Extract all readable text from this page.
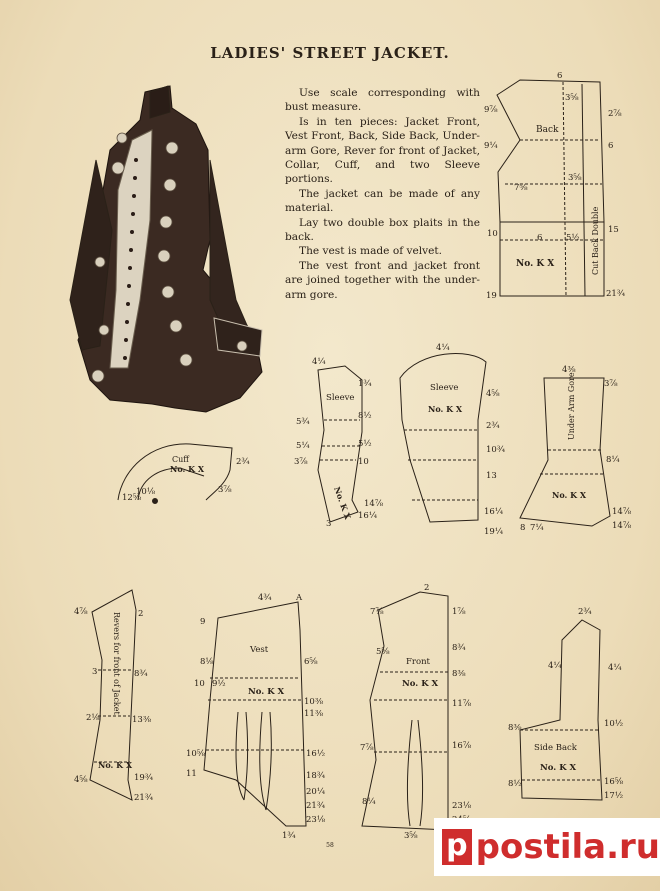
LADIES' STREET JACKET.

Use scale corresponding with bust measure.

Is in ten pieces: Jacket Front, Vest Front, Back, Side Back, Under-arm Gore, Rever for front of Jacket, Collar, Cuff, and two Sleeve portions.

The jacket can be made of any material.

Lay two double box plaits in the back.

The vest is made of velvet.

The vest front and jacket front are joined together with the under-arm gore.

Back
No. K X	Cut Back Double
6
9⅞
3⅝
2⅞
6
9¼
7⅝
3⅝
10	15
5½
6
19	21¾
Cuff
No. K X
2¾
3⅞
12⅝
10⅛
Sleeve
No. K X
4¼
1¾
5¾
5¼
8½
3⅞
5½
10
14⅞
16¼
3
Sleeve
No. K X
4¼
4⅝
2¾
10¾
13
16¼
19¼
Under Arm Gore
No. K X
4⅜
3⅞
8¼
14⅞
14⅞
8 7¼
Revers for front of Jacket
No. K X
4⅞	2
3	8¾
2⅛	13⅜
4⅝	19¾
21¾
Vest
No. K X
4¾	A
9
8⅛
10 9½
6⅝
11⅜
10⅜
10⅝	16½
11	18¾
20¼
21¾
23⅛
1¾
Front
No. K X
2
7⅞	1⅞
5⅝	8¾
8⅜
11⅞
7⅞	16⅞
8¼	23⅛
3⅝
Side Back
No. K X
2¾
4¼	4¼
8⅜	10½
8½	16⅝
17½
58	p postila.ru
